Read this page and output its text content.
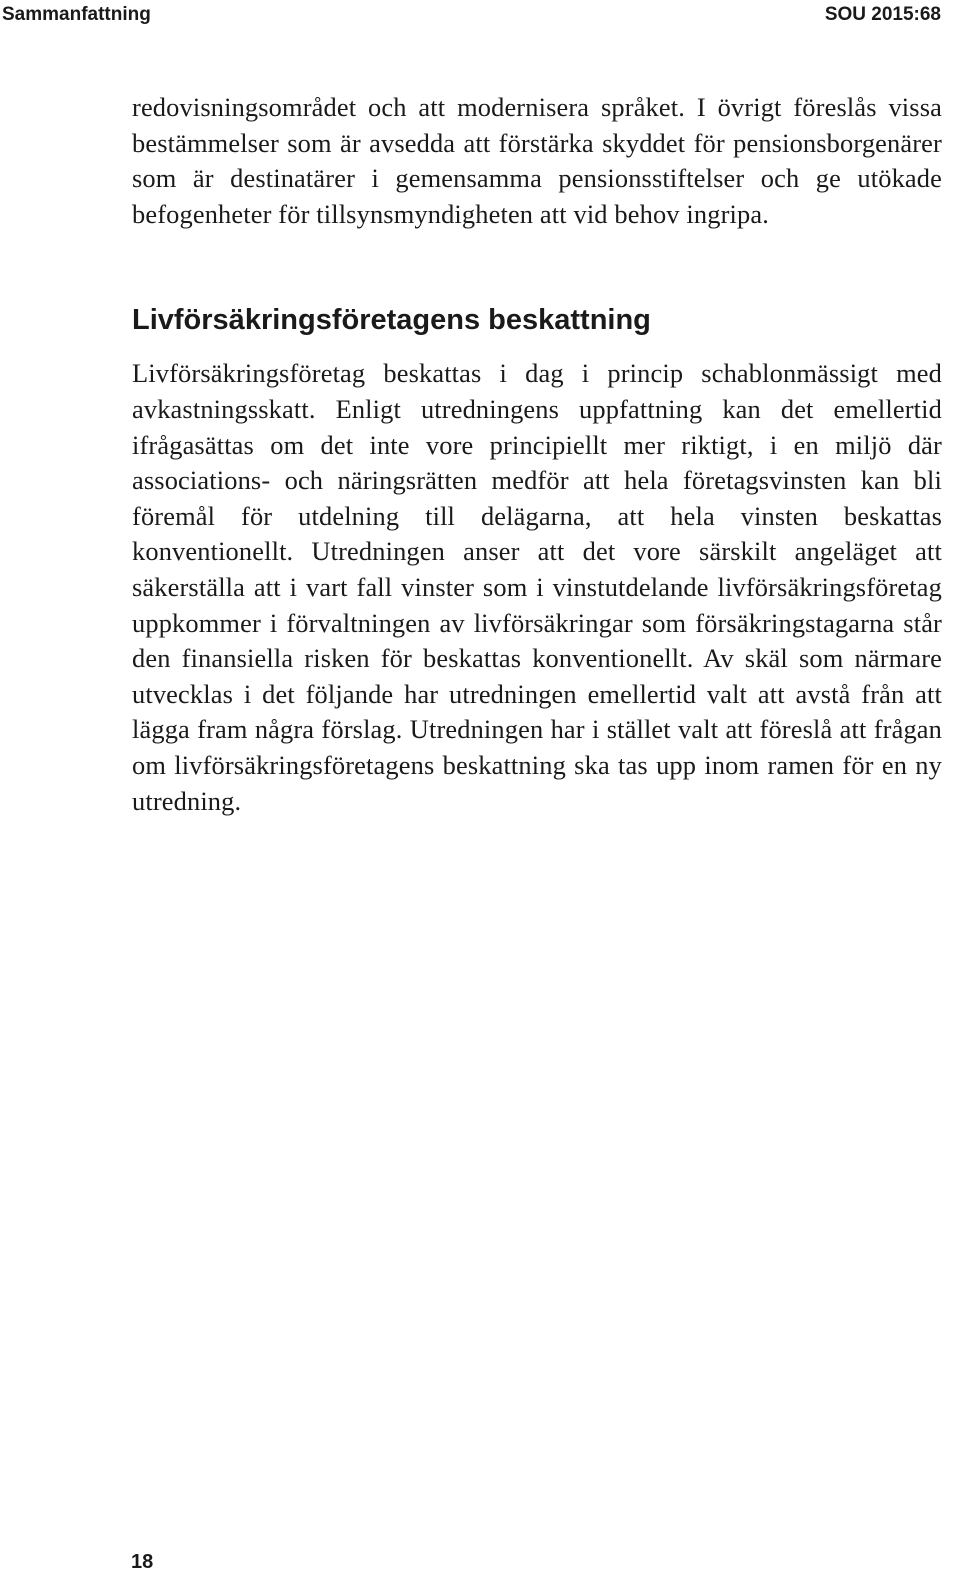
Sammanfattning	SOU 2015:68

redovisningsområdet och att modernisera språket. I övrigt föreslås vissa bestämmelser som är avsedda att förstärka skyddet för pensionsborgenärer som är destinatärer i gemensamma pensionsstiftelser och ge utökade befogenheter för tillsynsmyndigheten att vid behov ingripa.

Livförsäkringsföretagens beskattning

Livförsäkringsföretag beskattas i dag i princip schablonmässigt med avkastningsskatt. Enligt utredningens uppfattning kan det emellertid ifrågasättas om det inte vore principiellt mer riktigt, i en miljö där associations- och näringsrätten medför att hela företagsvinsten kan bli föremål för utdelning till delägarna, att hela vinsten beskattas konventionellt. Utredningen anser att det vore särskilt angeläget att säkerställa att i vart fall vinster som i vinstutdelande livförsäkringsföretag uppkommer i förvaltningen av livförsäkringar som försäkringstagarna står den finansiella risken för beskattas konventionellt. Av skäl som närmare utvecklas i det följande har utredningen emellertid valt att avstå från att lägga fram några förslag. Utredningen har i stället valt att föreslå att frågan om livförsäkringsföretagens beskattning ska tas upp inom ramen för en ny utredning.

18
